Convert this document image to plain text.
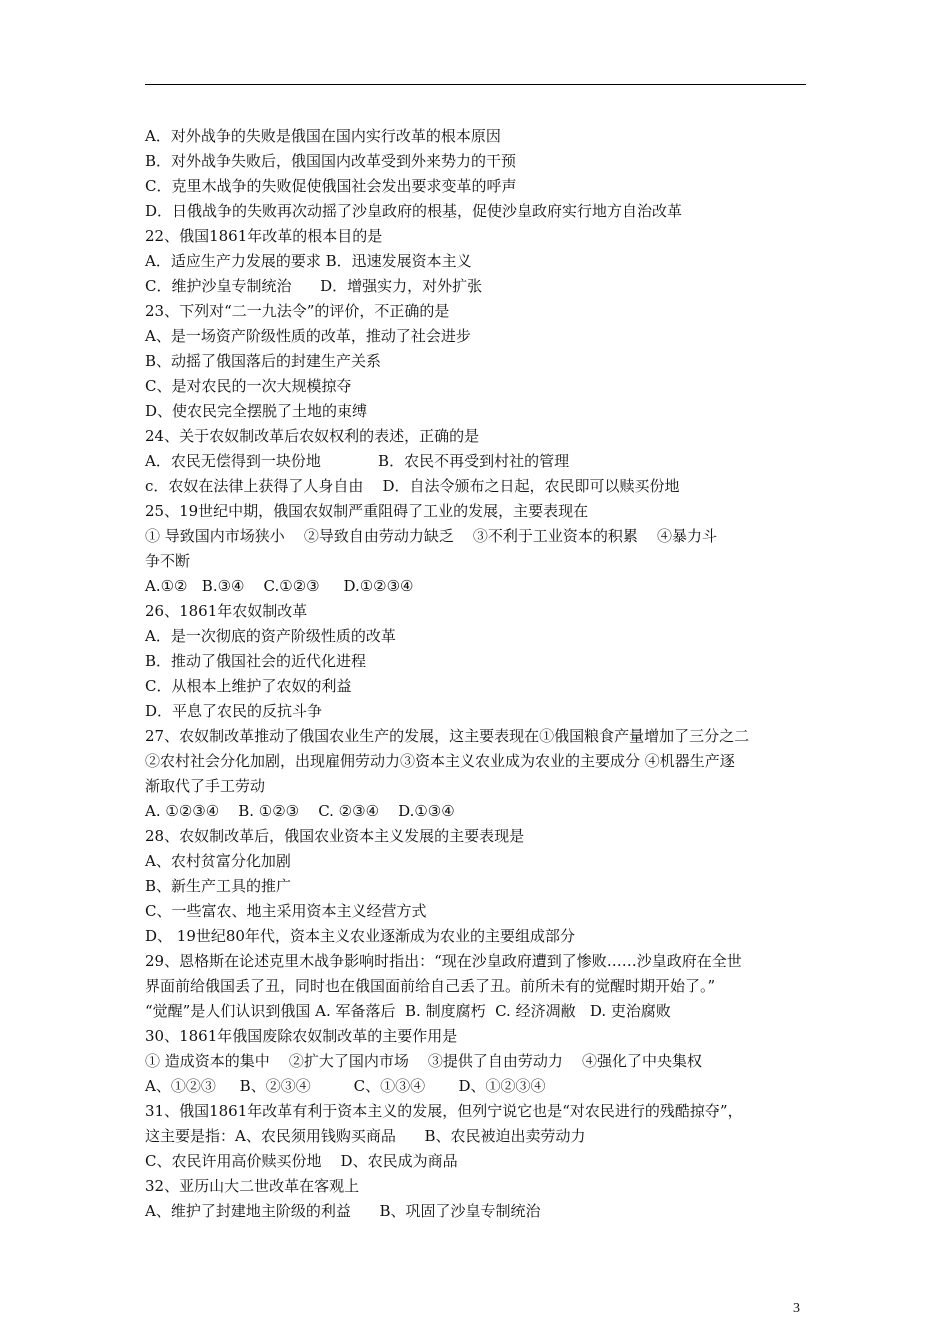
A．对外战争的失败是俄国在国内实行改革的根本原因
B．对外战争失败后，俄国国内改革受到外来势力的干预
C．克里木战争的失败促使俄国社会发出要求变革的呼声
D．日俄战争的失败再次动摇了沙皇政府的根基，促使沙皇政府实行地方自治改革
22、俄国1861年改革的根本目的是
A．适应生产力发展的要求 B．迅速发展资本主义
C．维护沙皇专制统治      D．增强实力，对外扩张
23、下列对“二一九法令”的评价，不正确的是
A、是一场资产阶级性质的改革，推动了社会进步
B、动摇了俄国落后的封建生产关系
C、是对农民的一次大规模掠夺
D、使农民完全摆脱了土地的束缚
24、关于农奴制改革后农奴权利的表述，正确的是
A．农民无偿得到一块份地            B．农民不再受到村社的管理
c．农奴在法律上获得了人身自由    D．自法令颁布之日起，农民即可以赎买份地
25、19世纪中期，俄国农奴制严重阻碍了工业的发展，主要表现在
① 导致国内市场狭小    ②导致自由劳动力缺乏    ③不利于工业资本的积累    ④暴力斗
争不断
A.①②   B.③④    C.①②③     D.①②③④
26、1861年农奴制改革
A．是一次彻底的资产阶级性质的改革
B．推动了俄国社会的近代化进程
C．从根本上维护了农奴的利益
D．平息了农民的反抗斗争
27、农奴制改革推动了俄国农业生产的发展，这主要表现在①俄国粮食产量增加了三分之二
②农村社会分化加剧，出现雇佣劳动力③资本主义农业成为农业的主要成分 ④机器生产逐
渐取代了手工劳动
A. ①②③④    B. ①②③    C. ②③④    D.①③④
28、农奴制改革后，俄国农业资本主义发展的主要表现是
A、农村贫富分化加剧
B、新生产工具的推广
C、一些富农、地主采用资本主义经营方式
D、 19世纪80年代，资本主义农业逐渐成为农业的主要组成部分
29、恩格斯在论述克里木战争影响时指出：“现在沙皇政府遭到了惨败……沙皇政府在全世
界面前给俄国丢了丑，同时也在俄国面前给自己丢了丑。前所未有的觉醒时期开始了。”
“觉醒”是人们认识到俄国 A. 军备落后  B. 制度腐朽  C. 经济凋敝   D. 吏治腐败
30、1861年俄国废除农奴制改革的主要作用是
① 造成资本的集中    ②扩大了国内市场    ③提供了自由劳动力    ④强化了中央集权
A、①②③     B、②③④         C、①③④       D、①②③④
31、俄国1861年改革有利于资本主义的发展，但列宁说它也是“对农民进行的残酷掠夺”，
这主要是指：A、农民须用钱购买商品      B、农民被迫出卖劳动力
C、农民许用高价赎买份地    D、农民成为商品
32、亚历山大二世改革在客观上
A、维护了封建地主阶级的利益      B、巩固了沙皇专制统治
3
